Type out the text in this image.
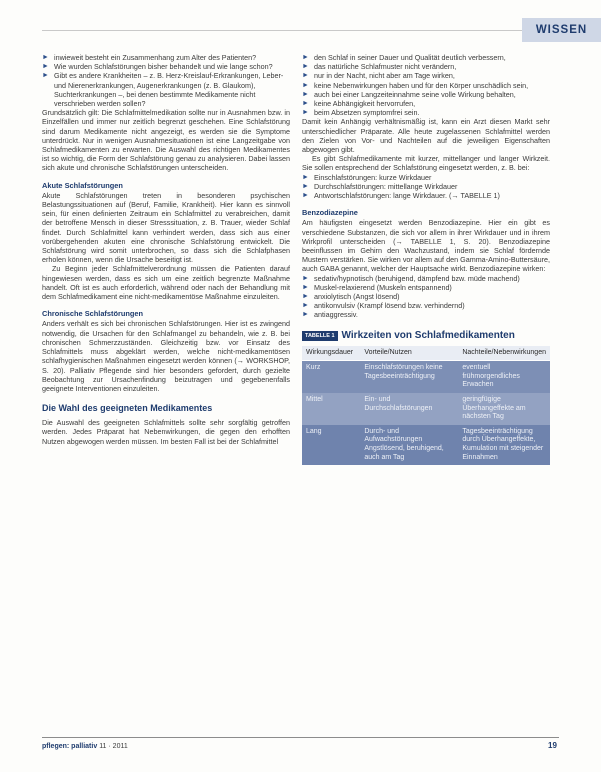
WISSEN
► inwieweit besteht ein Zusammenhang zum Alter des Patienten?
► Wie wurden Schlafstörungen bisher behandelt und wie lange schon?
► Gibt es andere Krankheiten – z. B. Herz-Kreislauf-Erkrankungen, Leber- und Nierenerkrankungen, Augenerkrankungen (z. B. Glaukom), Suchterkrankungen –, bei denen bestimmte Medikamente nicht verschrieben werden sollen?

Grundsätzlich gilt: Die Schlafmittelmedikation sollte nur in Ausnahmen bzw. in Einzelfällen und immer nur zeitlich begrenzt geschehen. Eine Schlafstörung sind darum Medikamente nicht angezeigt, es werden sie die Symptome unterdrückt. Nur in wenigen Ausnahmesituationen ist eine Langzeitgabe von Schlafmedikamenten zu erwarten. Die Auswahl des richtigen Medikamentes ist so wichtig, die Form der Schlafstörung genau zu analysieren. Dabei lassen sich akute und chronische Schlafstörungen unterscheiden.

Akute Schlafstörungen

Akute Schlafstörungen treten in besonderen psychischen Belastungssituationen auf (Beruf, Familie, Krankheit). Hier kann es sinnvoll sein, für einen definierten Zeitraum ein Schlafmittel zu verabreichen, damit der betroffene Mensch in dieser Stresssituation, z. B. Trauer, wieder Schlaf findet. Durch Schlafmittel kann verhindert werden, dass sich aus einer vorübergehenden akuten eine chronische Schlafstörung entwickelt. Die Schlafstörung wird somit unterbrochen, so dass sich die Schlafphasen erholen können, wenn die Ursache beseitigt ist.

Zu Beginn jeder Schlafmittelverordnung müssen die Patienten darauf hingewiesen werden, dass es sich um eine zeitlich begrenzte Maßnahme handelt. Oft ist es auch erforderlich, während oder nach der Behandlung mit dem Schlafmedikament eine nicht-medikamentöse Maßnahme einzuleiten.

Chronische Schlafstörungen

Anders verhält es sich bei chronischen Schlafstörungen. Hier ist es zwingend notwendig, die Ursachen für den Schlafmangel zu behandeln, wie z. B. bei chronischen Schmerzzuständen. Gleichzeitig bzw. vor Einsatz des Schlafmittels muss abgeklärt werden, welche nicht-medikamentösen schlafhygienischen Maßnahmen eingesetzt werden können (→ WORKSHOP, S. 20). Palliativ Pflegende sind hier besonders gefordert, durch gezielte Beobachtung zur Ursachenfindung beizutragen und gegebenenfalls geeignete Interventionen einzuleiten.

Die Wahl des geeigneten Medikamentes

Die Auswahl des geeigneten Schlafmittels sollte sehr sorgfältig getroffen werden. Jedes Präparat hat Nebenwirkungen, die gegen den erhofften Nutzen abgewogen werden müssen. Im besten Fall ist bei der Schlafmittel

► den Schlaf in seiner Dauer und Qualität deutlich verbessern,
► das natürliche Schlafmuster nicht verändern,
► nur in der Nacht, nicht aber am Tage wirken,
► keine Nebenwirkungen haben und für den Körper unschädlich sein,
► auch bei einer Langzeiteinnahme seine volle Wirkung behalten,
► keine Abhängigkeit hervorrufen,
► beim Absetzen symptomfrei sein.

Damit kein Anhängig verhältnismäßig ist, kann ein Arzt diesen Markt sehr unterschiedlicher Präparate. Alle heute zugelassenen Schlafmittel werden den Zielen von Vor- und Nachteilen auf die jeweiligen Eigenschaften abgewogen gibt.

Es gibt Schlafmedikamente mit kurzer, mittellanger und langer Wirkzeit. Sie sollen entsprechend der Schlafstörung eingesetzt werden, z. B. bei:

► Einschlafstörungen: kurze Wirkdauer
► Durchschlafstörungen: mittellange Wirkdauer
► Antwortschlafstörungen: lange Wirkdauer. (→ TABELLE 1)
Benzodiazepine

Am häufigsten eingesetzt werden Benzodiazepine. Hier ein gibt es verschiedene Substanzen, die sich vor allem in ihrer Wirkdauer und in ihrem Wirkprofil unterscheiden (→ TABELLE 1, S. 20). Benzodiazepine beeinflussen im Gehirn den Wachzustand, indem sie Schlaf fördernde Mustern verstärken. Sie wirken vor allem auf den Gamma-Amino-Buttersäure, auch GABA genannt, welcher der Hauptsache wirkt. Benzodiazepine wirken:

► sedativ/hypnotisch (beruhigend, dämpfend bzw. müde machend)
► Muskel-relaxierend (Muskeln entspannend)
► anxiolytisch (Angst lösend)
► antikonvulsiv (Krampf lösend bzw. verhindernd)
► antiaggressiv.
TABELLE 1 Wirkzeiten von Schlafmedikamenten
Wirkungsdauer	Vorteile/Nutzen	Nachteile/Nebenwirkungen
Kurz	Einschlafstörungen keine Tagesbeeinträchtigung	eventuell frühmorgendliches Erwachen
Mittel	Ein- und Durchschlafstörungen	geringfügige Überhangeffekte am nächsten Tag
Lang	Durch- und Aufwachstörungen Angstlösend, beruhigend, auch am Tag	Tagesbeeinträchtigung durch Überhangeffekte, Kumulation mit steigender Einnahmen
pflegen: palliativ 11 · 2011	19
